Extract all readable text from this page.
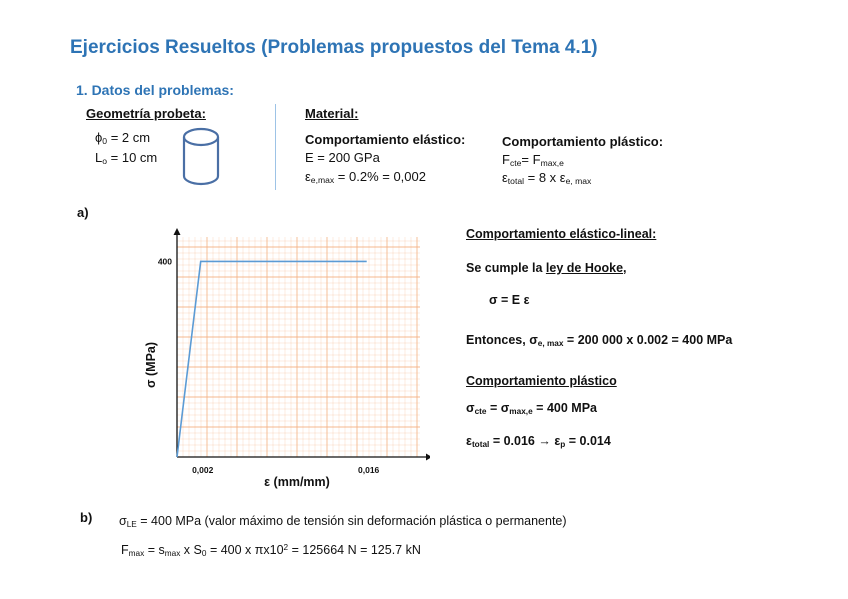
Ejercicios Resueltos (Problemas propuestos del Tema 4.1)
1. Datos del problemas:
Geometría probeta:
$\phi_0 = 2$ cm
$L_o = 10$ cm
Material:
Comportamiento elástico:
E = 200 GPa
$\varepsilon_{e,max} = 0.2\% = 0,002$
Comportamiento plástico:
$F_{cte}= F_{max,e}$
$\varepsilon_{total} = 8$ x $\varepsilon_{e, max}$
a)
0,002	0,016
400
ε (mm/mm)
σ (MPa)
Comportamiento elástico-lineal:
Se cumple la ley de Hooke,
σ = E ε
Entonces, $\sigma_{e, max} = 200$ 000 x 0.002 = 400 MPa
Comportamiento plástico
$\sigma_{cte} = \sigma_{max,e} = 400$ MPa
$\varepsilon_{total} = 0.016 \to \varepsilon_p = 0.014$
b) $\sigma_{LE} = 400$ MPa (valor máximo de tensión sin deformación plástica o permanente)
$F_{max} = s_{max}$ x $S_0 = 400$ x $\pi x10^2 = 125664$ N = 125.7 kN
